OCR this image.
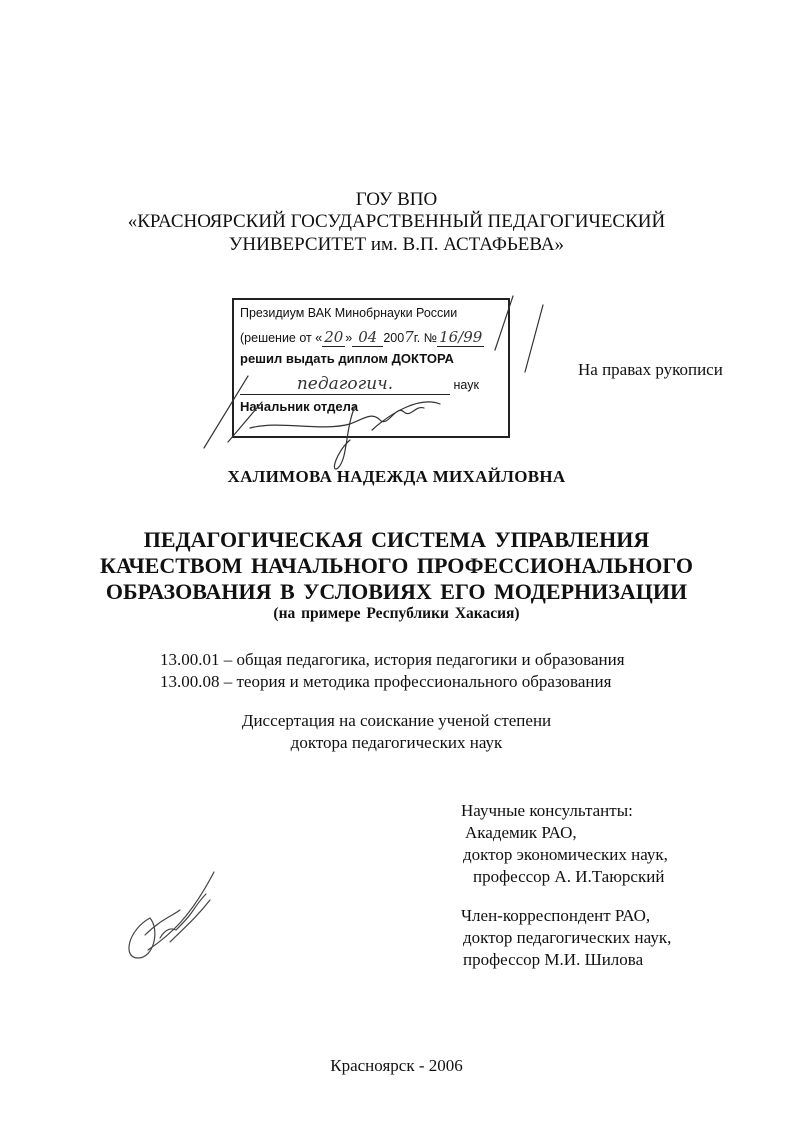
ГОУ ВПО
«КРАСНОЯРСКИЙ ГОСУДАРСТВЕННЫЙ ПЕДАГОГИЧЕСКИЙ
УНИВЕРСИТЕТ им. В.П. АСТАФЬЕВА»
Президиум ВАК Минобрнауки России
(решение от « 20 » 04 2007г. № 16/99
решил выдать диплом ДОКТОРА
педагогич.	наук
Начальник отдела
На правах рукописи
ХАЛИМОВА НАДЕЖДА МИХАЙЛОВНА
ПЕДАГОГИЧЕСКАЯ СИСТЕМА УПРАВЛЕНИЯ
КАЧЕСТВОМ НАЧАЛЬНОГО ПРОФЕССИОНАЛЬНОГО
ОБРАЗОВАНИЯ В УСЛОВИЯХ ЕГО МОДЕРНИЗАЦИИ
(на примере Республики Хакасия)
13.00.01 – общая педагогика, история педагогики и образования
13.00.08 – теория и методика профессионального образования
Диссертация на соискание ученой степени
доктора педагогических наук
Научные консультанты:
Академик РАО,
доктор экономических наук,
профессор А. И.Таюрский
Член-корреспондент РАО,
доктор педагогических наук,
профессор М.И. Шилова
Красноярск - 2006
